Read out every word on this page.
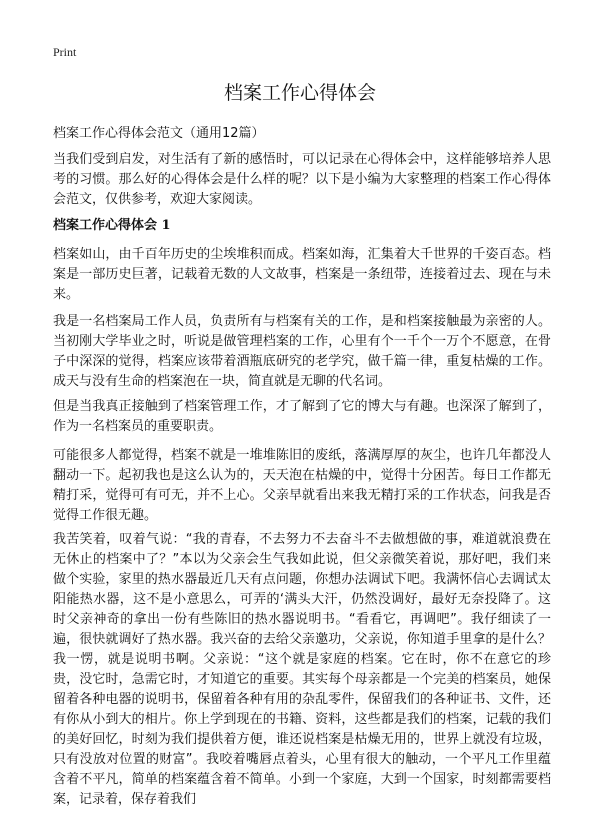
Print
档案工作心得体会

档案工作心得体会范文（通用12篇）

当我们受到启发，对生活有了新的感悟时，可以记录在心得体会中，这样能够培养人思考的习惯。那么好的心得体会是什么样的呢？以下是小编为大家整理的档案工作心得体会范文，仅供参考，欢迎大家阅读。

档案工作心得体会 1

档案如山，由千百年历史的尘埃堆积而成。档案如海，汇集着大千世界的千姿百态。档案是一部历史巨著，记载着无数的人文故事，档案是一条纽带，连接着过去、现在与未来。

我是一名档案局工作人员，负责所有与档案有关的工作，是和档案接触最为亲密的人。当初刚大学毕业之时，听说是做管理档案的工作，心里有个一千个一万个不愿意，在骨子中深深的觉得，档案应该带着酒瓶底研究的老学究，做千篇一律，重复枯燥的工作。成天与没有生命的档案泡在一块，简直就是无聊的代名词。

但是当我真正接触到了档案管理工作，才了解到了它的博大与有趣。也深深了解到了，作为一名档案员的重要职责。

可能很多人都觉得，档案不就是一堆堆陈旧的废纸，落满厚厚的灰尘，也许几年都没人翻动一下。起初我也是这么认为的，天天泡在枯燥的中，觉得十分困苦。每日工作都无精打采，觉得可有可无，并不上心。父亲早就看出来我无精打采的工作状态，问我是否觉得工作很无趣。

我苦笑着，叹着气说：“我的青春，不去努力不去奋斗不去做想做的事，难道就浪费在无休止的档案中了？”本以为父亲会生气我如此说，但父亲微笑着说，那好吧，我们来做个实验，家里的热水器最近几天有点问题，你想办法调试下吧。我满怀信心去调试太阳能热水器，这不是小意思么，可弄的‘满头大汗，仍然没调好，最好无奈投降了。这时父亲神奇的拿出一份有些陈旧的热水器说明书。“看看它，再调吧”。我仔细读了一遍，很快就调好了热水器。我兴奋的去给父亲邀功，父亲说，你知道手里拿的是什么？我一愣，就是说明书啊。父亲说：“这个就是家庭的档案。它在时，你不在意它的珍贵，没它时，急需它时，才知道它的重要。其实每个母亲都是一个完美的档案员，她保留着各种电器的说明书，保留着各种有用的杂乱零件，保留我们的各种证书、文件，还有你从小到大的相片。你上学到现在的书籍、资料，这些都是我们的档案，记载的我们的美好回忆，时刻为我们提供着方便，谁还说档案是枯燥无用的，世界上就没有垃圾，只有没放对位置的财富”。我咬着嘴唇点着头，心里有很大的触动，一个平凡工作里蕴含着不平凡，简单的档案蕴含着不简单。小到一个家庭，大到一个国家，时刻都需要档案，记录着，保存着我们
